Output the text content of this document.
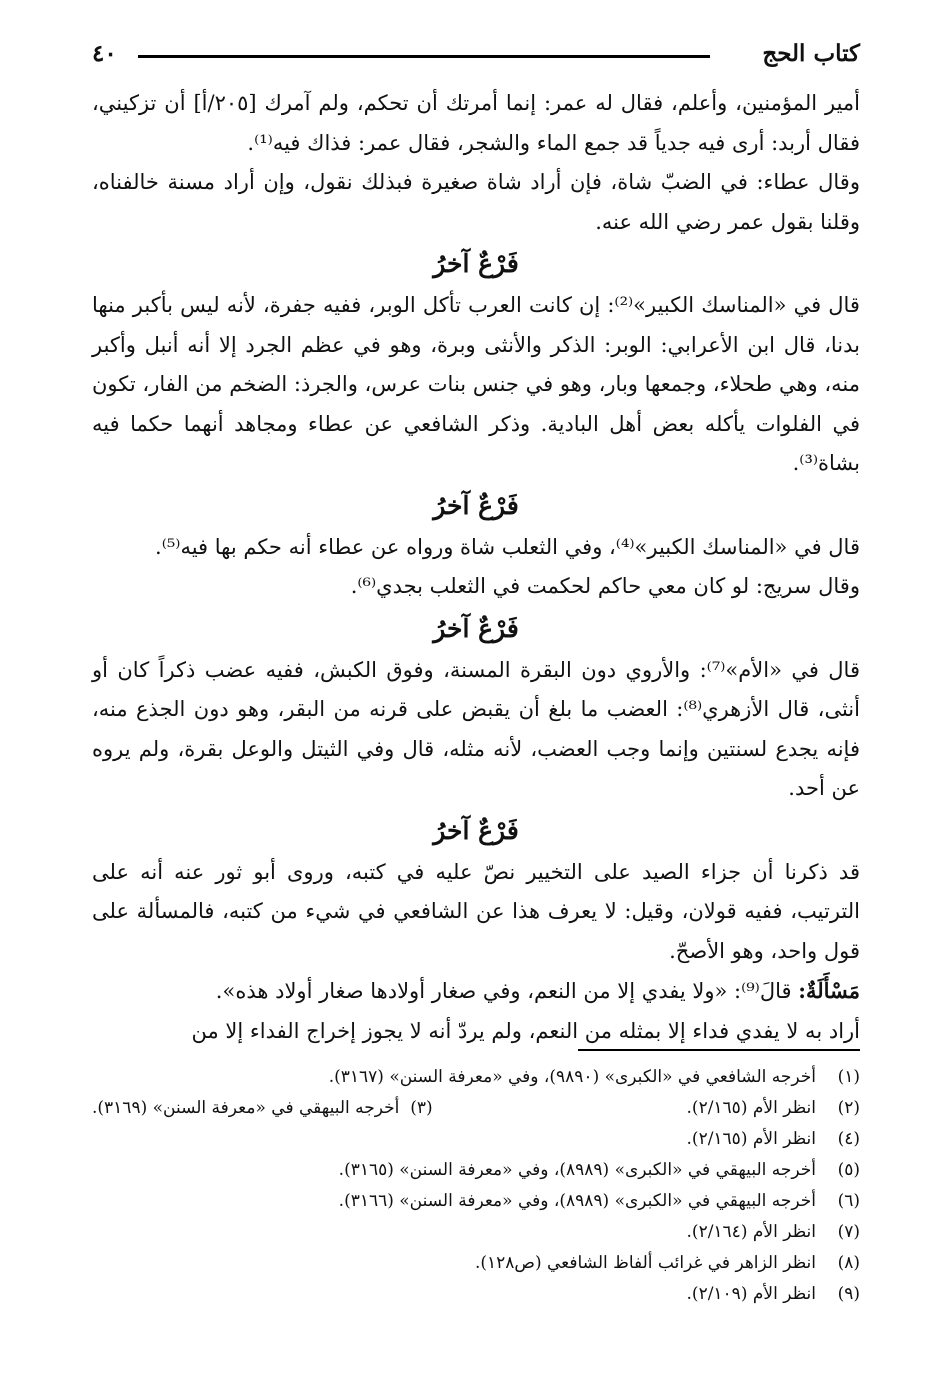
كتاب الحج
٤٠

أمير المؤمنين، وأعلم، فقال له عمر: إنما أمرتك أن تحكم، ولم آمرك [٢٠٥/أ] أن تزكيني، فقال أربد: أرى فيه جدياً قد جمع الماء والشجر، فقال عمر: فذاك فيه⁽¹⁾.

وقال عطاء: في الضبّ شاة، فإن أراد شاة صغيرة فبذلك نقول، وإن أراد مسنة خالفناه، وقلنا بقول عمر رضي الله عنه.

فَرْعٌ آخرُ

قال في «المناسك الكبير»⁽²⁾: إن كانت العرب تأكل الوبر، ففيه جفرة، لأنه ليس بأكبر منها بدنا، قال ابن الأعرابي: الوبر: الذكر والأنثى وبرة، وهو في عظم الجرد إلا أنه أنبل وأكبر منه، وهي طحلاء، وجمعها وبار، وهو في جنس بنات عرس، والجرذ: الضخم من الفار، تكون في الفلوات يأكله بعض أهل البادية. وذكر الشافعي عن عطاء ومجاهد أنهما حكما فيه بشاة⁽³⁾.

فَرْعٌ آخرُ

قال في «المناسك الكبير»⁽⁴⁾، وفي الثعلب شاة ورواه عن عطاء أنه حكم بها فيه⁽⁵⁾.

وقال سريج: لو كان معي حاكم لحكمت في الثعلب بجدي⁽⁶⁾.

فَرْعٌ آخرُ

قال في «الأم»⁽⁷⁾: والأروي دون البقرة المسنة، وفوق الكبش، ففيه عضب ذكراً كان أو أنثى، قال الأزهري⁽⁸⁾: العضب ما بلغ أن يقبض على قرنه من البقر، وهو دون الجذع منه، فإنه يجدع لسنتين وإنما وجب العضب، لأنه مثله، قال وفي الثيتل والوعل بقرة، ولم يروه عن أحد.

فَرْعٌ آخرُ

قد ذكرنا أن جزاء الصيد على التخيير نصّ عليه في كتبه، وروى أبو ثور عنه أنه على الترتيب، ففيه قولان، وقيل: لا يعرف هذا عن الشافعي في شيء من كتبه، فالمسألة على قول واحد، وهو الأصحّ.

مَسْأَلَةٌ: قالَ⁽⁹⁾: «ولا يفدي إلا من النعم، وفي صغار أولادها صغار أولاد هذه».

أراد به لا يفدي فداء إلا بمثله من النعم، ولم يردّ أنه لا يجوز إخراج الفداء إلا من

(١)أخرجه الشافعي في «الكبرى» (٩٨٩٠)، وفي «معرفة السنن» (٣١٦٧).

(٢)انظر الأم (٢/١٦٥).
(٣)  أخرجه البيهقي في «معرفة السنن» (٣١٦٩).

(٤)انظر الأم (٢/١٦٥).

(٥)أخرجه البيهقي في «الكبرى» (٨٩٨٩)، وفي «معرفة السنن» (٣١٦٥).

(٦)أخرجه البيهقي في «الكبرى» (٨٩٨٩)، وفي «معرفة السنن» (٣١٦٦).

(٧)انظر الأم (٢/١٦٤).

(٨)انظر الزاهر في غرائب ألفاظ الشافعي (ص١٢٨).

(٩)انظر الأم (٢/١٠٩).
